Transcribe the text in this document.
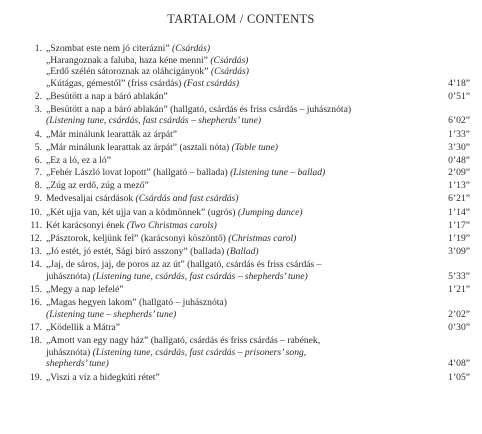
TARTALOM / CONTENTS
1. „Szombat este nem jó citerázni” (Csárdás)
„Harangoznak a faluba, haza kéne menni” (Csárdás)
„Erdő szélén sátoroznak az oláhcigányok” (Csárdás)
„Kútágas, gémestől” (friss csárdás) (Fast csárdás)	4’18”
2. „Besütött a nap a báró ablakán”	0’51”
3. „Besütött a nap a báró ablakán” (hallgató, csárdás és friss csárdás – juhásznóta)
(Listening tune, csárdás, fast csárdás – shepherds’ tune)	6’02”
4. „Már minálunk learatták az árpát”	1’33”
5. „Már minálunk learattak az árpát” (asztali nóta) (Table tune)	3’30”
6. „Ez a ló, ez a ló”	0’48”
7. „Fehér László lovat lopott” (hallgató – ballada) (Listening tune – ballad)	2’09”
8. „Zúg az erdő, zúg a mező”	1’13”
9. Medvesaljai csárdások (Csárdás and fast csárdás)	6’21”
10. „Két ujja van, két ujja van a ködmönnek” (ugrós) (Jumping dance)	1’14”
11. Két karácsonyi ének (Two Christmas carols)	1’17”
12. „Pásztorok, keljünk fel” (karácsonyi köszöntő) (Christmas carol)	1’19”
13. „Jó estét, jó estét, Sági bíró asszony” (ballada) (Ballad)	3’09”
14. „Jaj, de sáros, jaj, de poros az az út” (hallgató, csárdás és friss csárdás –
juhásznóta) (Listening tune, csárdás, fast csárdás – shepherds’ tune)	5’33”
15. „Megy a nap lefelé”	1’21”
16. „Magas hegyen lakom” (hallgató – juhásznóta)
(Listening tune – shepherds’ tune)	2’02”
17. „Ködellik a Mátra”	0’30”
18. „Amott van egy nagy ház” (hallgató, csárdás és friss csárdás – rabének,
juhásznóta) (Listening tune, csárdás, fast csárdás – prisoners’ song,
shepherds’ tune)	4’08”
19. „Viszi a víz a hidegkúti rétet”	1’05”
